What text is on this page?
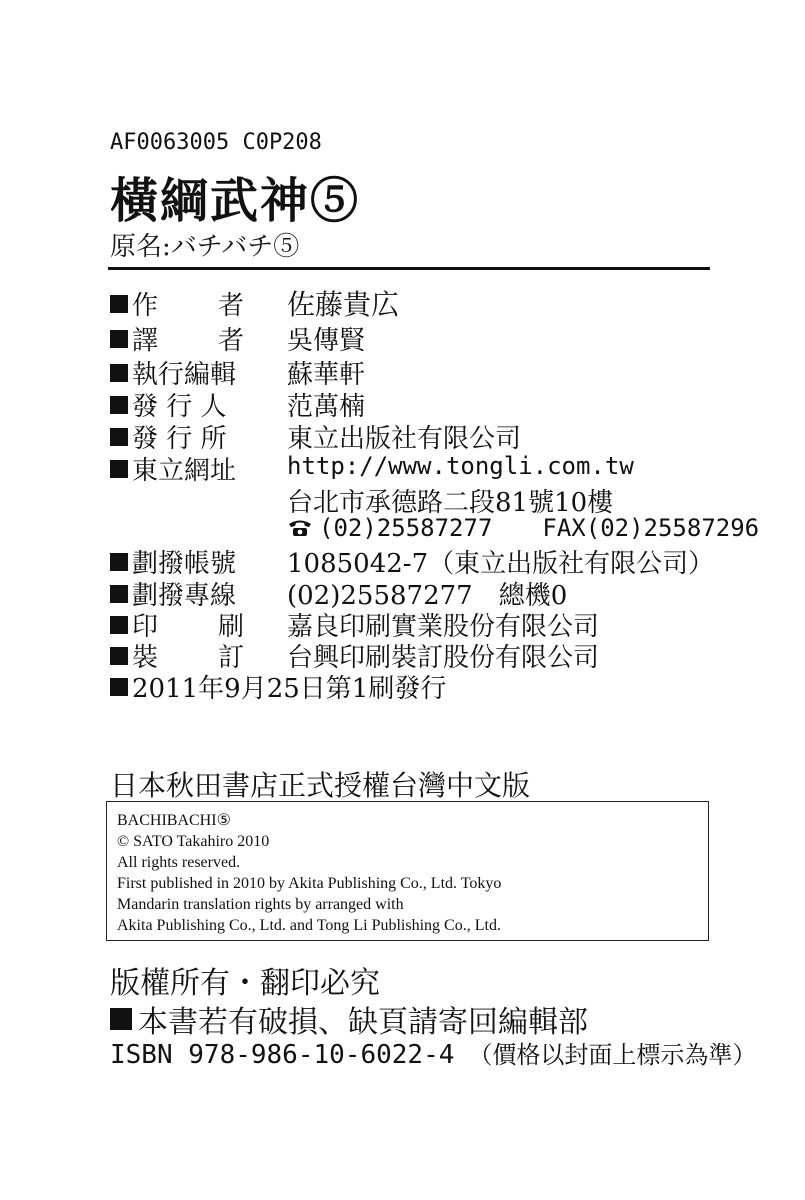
AF0063005 C0P208
橫綱武神⑤
原名:バチバチ⑤
作 者 佐藤貴広
譯 者 吳傳賢
執行編輯 蘇華軒
發 行 人 范萬楠
發 行 所 東立出版社有限公司
東立網址 http://www.tongli.com.tw
台北市承德路二段81號10樓
(02)25587277 FAX(02)25587296
劃撥帳號 1085042-7（東立出版社有限公司）
劃撥專線 (02)25587277　總機0
印 刷 嘉良印刷實業股份有限公司
裝 訂 台興印刷裝訂股份有限公司
2011年9月25日第1刷發行
日本秋田書店正式授權台灣中文版
BACHIBACHI⑤
© SATO Takahiro 2010
All rights reserved.
First published in 2010 by Akita Publishing Co., Ltd. Tokyo
Mandarin translation rights by arranged with
Akita Publishing Co., Ltd. and Tong Li Publishing Co., Ltd.
版權所有・翻印必究
本書若有破損、缺頁請寄回編輯部
ISBN 978-986-10-6022-4 （價格以封面上標示為準）
